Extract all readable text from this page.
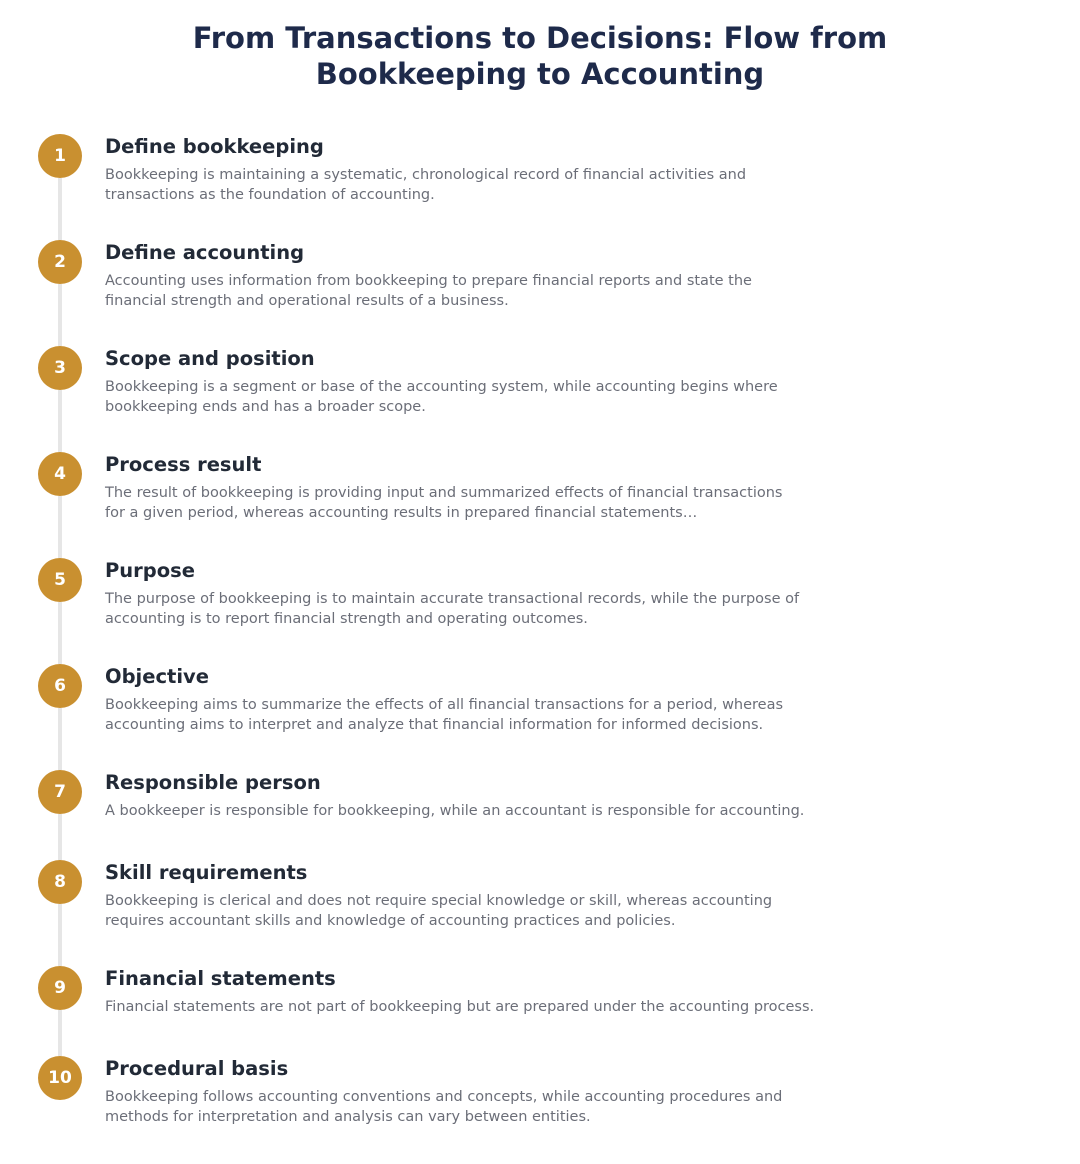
From Transactions to Decisions: Flow from
Bookkeeping to Accounting
1	Define bookkeeping
Bookkeeping is maintaining a systematic, chronological record of financial activities and
transactions as the foundation of accounting.
2	Define accounting
Accounting uses information from bookkeeping to prepare financial reports and state the
financial strength and operational results of a business.
3	Scope and position
Bookkeeping is a segment or base of the accounting system, while accounting begins where
bookkeeping ends and has a broader scope.
4	Process result
The result of bookkeeping is providing input and summarized effects of financial transactions
for a given period, whereas accounting results in prepared financial statements…
5	Purpose
The purpose of bookkeeping is to maintain accurate transactional records, while the purpose of
accounting is to report financial strength and operating outcomes.
6	Objective
Bookkeeping aims to summarize the effects of all financial transactions for a period, whereas
accounting aims to interpret and analyze that financial information for informed decisions.
7	Responsible person
A bookkeeper is responsible for bookkeeping, while an accountant is responsible for accounting.
8	Skill requirements
Bookkeeping is clerical and does not require special knowledge or skill, whereas accounting
requires accountant skills and knowledge of accounting practices and policies.
9	Financial statements
Financial statements are not part of bookkeeping but are prepared under the accounting process.
10	Procedural basis
Bookkeeping follows accounting conventions and concepts, while accounting procedures and
methods for interpretation and analysis can vary between entities.
